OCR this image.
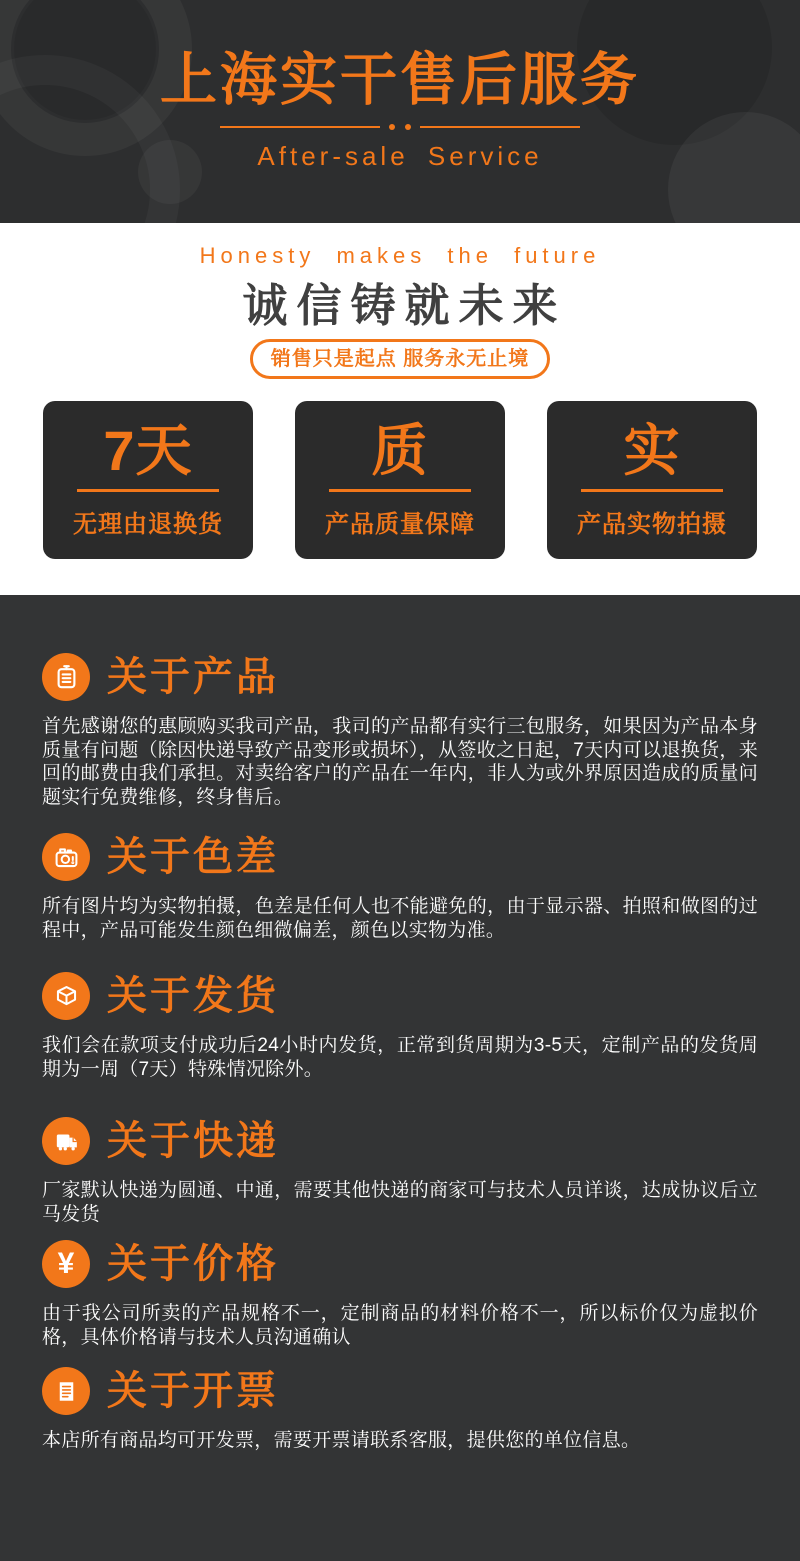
上海实干售后服务
After-sale Service
Honesty makes the future
诚信铸就未来
销售只是起点 服务永无止境
7天
无理由退换货
质
产品质量保障
实
产品实物拍摄
关于产品

首先感谢您的惠顾购买我司产品，我司的产品都有实行三包服务，如果因为产品本身质量有问题（除因快递导致产品变形或损坏），从签收之日起，7天内可以退换货，来回的邮费由我们承担。对卖给客户的产品在一年内，非人为或外界原因造成的质量问题实行免费维修，终身售后。

关于色差

所有图片均为实物拍摄，色差是任何人也不能避免的，由于显示器、拍照和做图的过程中，产品可能发生颜色细微偏差，颜色以实物为准。

关于发货

我们会在款项支付成功后24小时内发货，正常到货周期为3-5天，定制产品的发货周期为一周（7天）特殊情况除外。

关于快递

厂家默认快递为圆通、中通，需要其他快递的商家可与技术人员详谈，达成协议后立马发货

¥ 关于价格

由于我公司所卖的产品规格不一，定制商品的材料价格不一，所以标价仅为虚拟价格，具体价格请与技术人员沟通确认

关于开票

本店所有商品均可开发票，需要开票请联系客服，提供您的单位信息。
